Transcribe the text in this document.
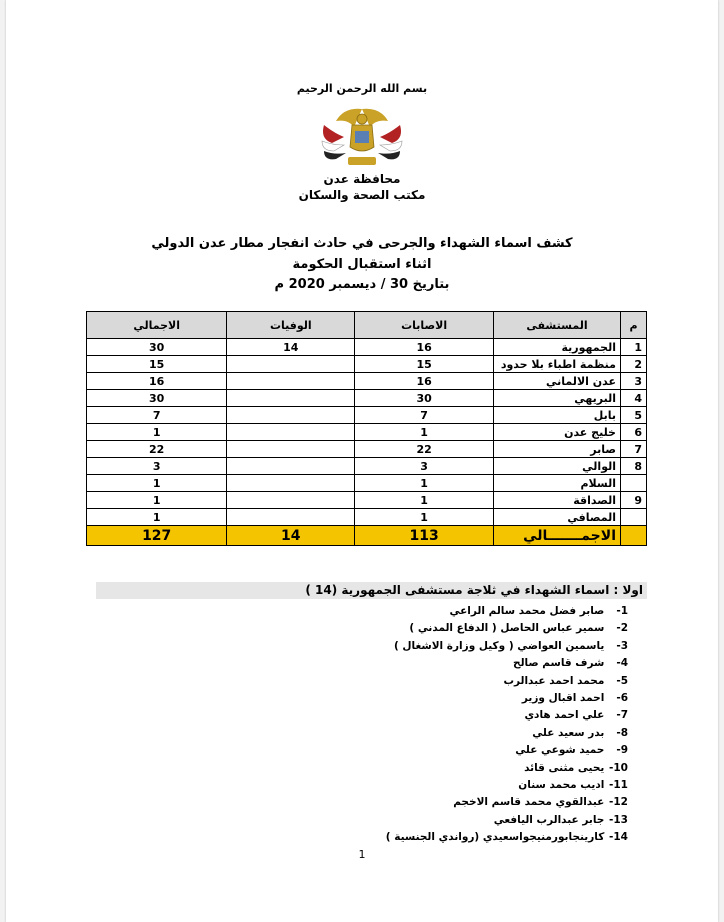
بسم الله الرحمن الرحيم
محافظة عدن
مكتب الصحة والسكان
كشف اسماء الشهداء والجرحى في حادث انفجار مطار عدن الدولي
اثناء استقبال الحكومة
بتاريخ 30 / ديسمبر 2020 م
م	المستشفى	الاصابات	الوفيات	الاجمالي
1	الجمهورية	16	14	30
2	منظمة اطباء بلا حدود	15		15
3	عدن الالماني	16		16
4	البريهي	30		30
5	بابل	7		7
6	خليج عدن	1		1
7	صابر	22		22
8	الوالي	3		3
	السلام	1		1
9	الصداقة	1		1
	المصافي	1		1
	الاجمـــــــالي	113	14	127
اولا : اسماء الشهداء في ثلاجة مستشفى الجمهورية (14 )
1- صابر فضل محمد سالم الراعي
2- سمير عباس الحاصل ( الدفاع المدني )
3- ياسمين العواضي ( وكيل وزارة الاشغال )
4- شرف قاسم صالح
5- محمد احمد عبدالرب
6- احمد اقبال وزير
7- علي احمد هادي
8- بدر سعيد علي
9- حميد شوعي علي
10- يحيى مثنى قائد
11- اديب محمد سنان
12- عبدالقوي محمد قاسم الاخجم
13- جابر عبدالرب اليافعي
14- كارينجابورمنيجواسعيدي (رواندي الجنسية )
1
